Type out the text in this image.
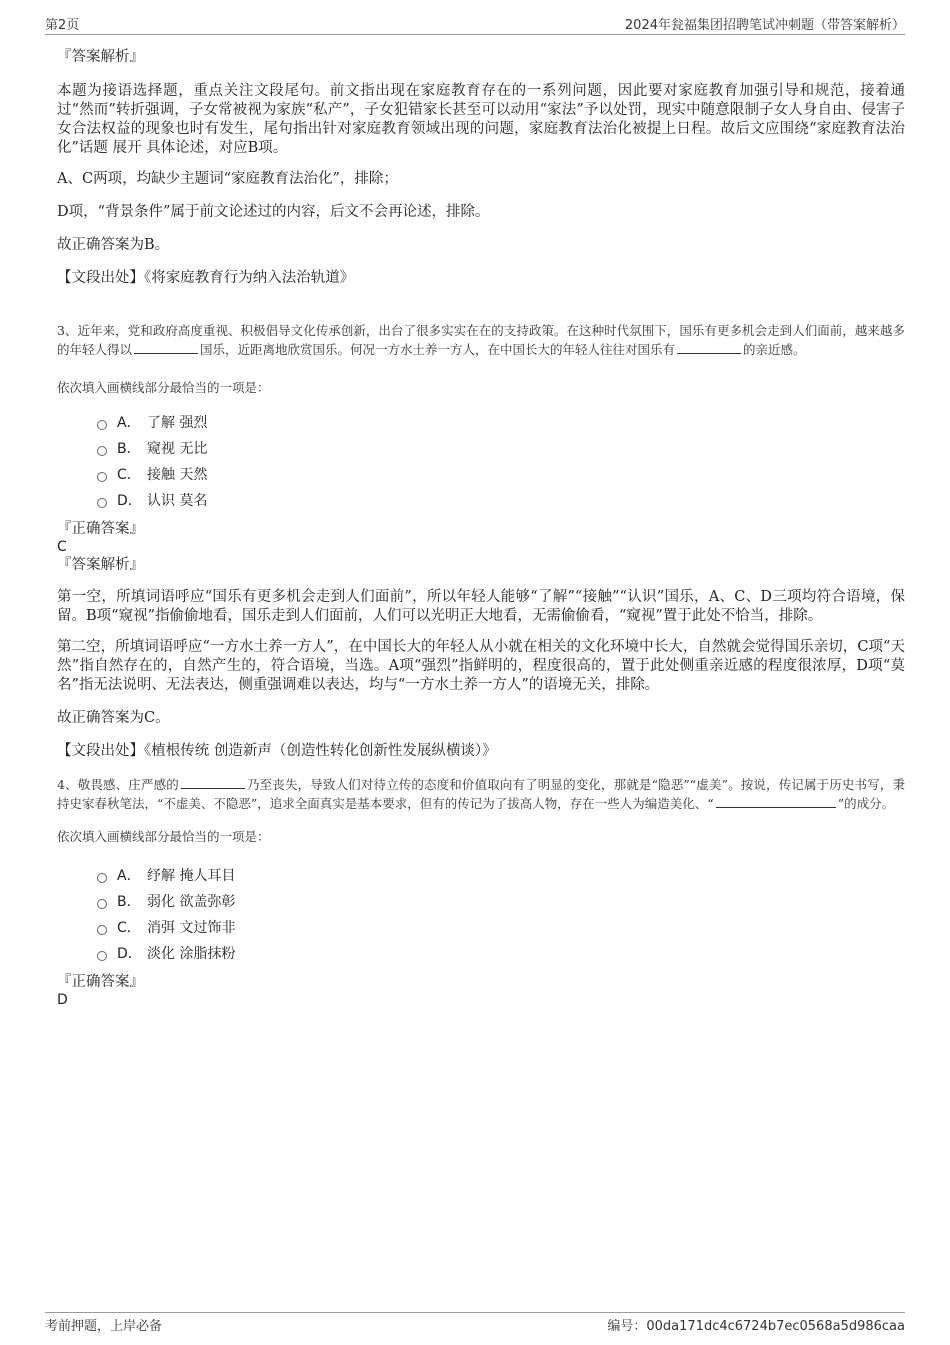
第2页	2024年瓮福集团招聘笔试冲刺题（带答案解析）

『答案解析』

本题为接语选择题，重点关注文段尾句。前文指出现在家庭教育存在的一系列问题，因此要对家庭教育加强引导和规范，接着通过“然而”转折强调，子女常被视为家族“私产”，子女犯错家长甚至可以动用“家法”予以处罚，现实中随意限制子女人身自由、侵害子女合法权益的现象也时有发生，尾句指出针对家庭教育领域出现的问题，家庭教育法治化被提上日程。故后文应围绕“家庭教育法治化”话题 展开 具体论述，对应B项。

A、C两项，均缺少主题词“家庭教育法治化”，排除；

D项，“背景条件”属于前文论述过的内容，后文不会再论述，排除。

故正确答案为B。

【文段出处】《将家庭教育行为纳入法治轨道》

3、近年来，党和政府高度重视、积极倡导文化传承创新，出台了很多实实在在的支持政策。在这种时代氛围下，国乐有更多机会走到人们面前，越来越多的年轻人得以	国乐，近距离地欣赏国乐。何况一方水土养一方人，在中国长大的年轻人往往对国乐有	的亲近感。

依次填入画横线部分最恰当的一项是：

A． 了解 强烈
B． 窥视 无比
C． 接触 天然
D． 认识 莫名

『正确答案』

C

『答案解析』

第一空，所填词语呼应“国乐有更多机会走到人们面前”，所以年轻人能够“了解”“接触”“认识”国乐，A、C、D三项均符合语境，保留。B项“窥视”指偷偷地看，国乐走到人们面前，人们可以光明正大地看，无需偷偷看，“窥视”置于此处不恰当，排除。

第二空，所填词语呼应“一方水土养一方人”，在中国长大的年轻人从小就在相关的文化环境中长大，自然就会觉得国乐亲切，C项“天然”指自然存在的，自然产生的，符合语境，当选。A项“强烈”指鲜明的，程度很高的，置于此处侧重亲近感的程度很浓厚，D项“莫名”指无法说明、无法表达，侧重强调难以表达，均与“一方水土养一方人”的语境无关，排除。

故正确答案为C。

【文段出处】《植根传统 创造新声（创造性转化创新性发展纵横谈）》

4、敬畏感、庄严感的	乃至丧失，导致人们对待立传的态度和价值取向有了明显的变化，那就是“隐恶”“虚美”。按说，传记属于历史书写，秉持史家春秋笔法，“不虚美、不隐恶”，追求全面真实是基本要求，但有的传记为了拔高人物，存在一些人为编造美化、“	”的成分。

依次填入画横线部分最恰当的一项是：

A． 纾解 掩人耳目
B． 弱化 欲盖弥彰
C． 消弭 文过饰非
D． 淡化 涂脂抹粉

『正确答案』

D

考前押题，上岸必备	编号：00da171dc4c6724b7ec0568a5d986caa
